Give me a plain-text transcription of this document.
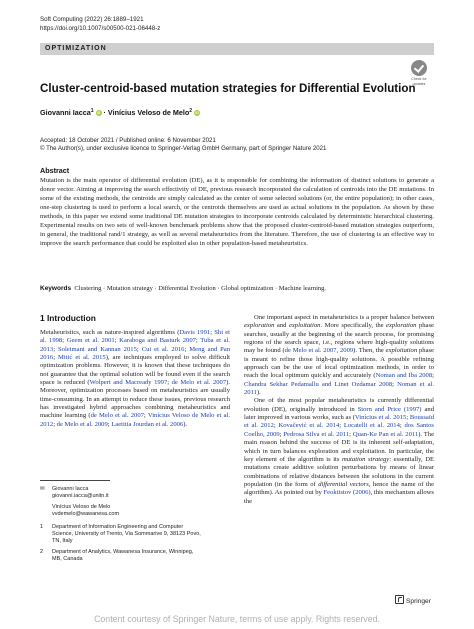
Soft Computing (2022) 26:1889–1921
https://doi.org/10.1007/s00500-021-06448-z
OPTIMIZATION
Check for
updates
Cluster-centroid-based mutation strategies for Differential Evolution
Giovanni Iacca$^1$ iD · Vinícius Veloso de Melo$^2$ iD
Accepted: 18 October 2021 / Published online: 6 November 2021
© The Author(s), under exclusive licence to Springer-Verlag GmbH Germany, part of Springer Nature 2021
Abstract
Mutation is the main operator of differential evolution (DE), as it is responsible for combining the information of distinct solutions to generate a donor vector. Aiming at improving the search effectivity of DE, previous research incorporated the calculation of centroids into the DE mutations. In some of the existing methods, the centroids are simply calculated as the center of some selected solutions (or, the entire population); in other cases, one-step clustering is used to perform a local search, or the centroids themselves are used as actual solutions in the population. As shown by these methods, in this paper we extend some traditional DE mutation strategies to incorporate centroids calculated by deterministic hierarchical clustering. Experimental results on two sets of well-known benchmark problems show that the proposed cluster-centroid-based mutation strategies outperform, in general, the traditional rand/1 strategy, as well as several metaheuristics from the literature. Therefore, the use of clustering is an effective way to improve the search performance that could be exploited also in other population-based metaheuristics.
Keywords Clustering · Mutation strategy · Differential Evolution · Global optimization · Machine learning.
1 Introduction
Metaheuristics, such as nature-inspired algorithms (Davis 1991; Shi et al. 1998; Geem et al. 2001; Karaboga and Basturk 2007; Tuba et al. 2013; Soleimani and Kannan 2015; Cui et al. 2016; Meng and Pan 2016; Mitić et al. 2015), are techniques employed to solve difficult optimization problems. However, it is known that these techniques do not guarantee that the optimal solution will be found even if the search space is reduced (Wolpert and Macready 1997; de Melo et al. 2007). Moreover, optimization processes based on metaheuristics are usually time-consuming. In an attempt to reduce these issues, previous research has investigated hybrid approaches combining metaheuristics and machine learning (de Melo et al. 2007; Vinícius Veloso de Melo et al. 2012; de Melo et al. 2009; Laetitia Jourdan et al. 2006).
✉ Giovanni Iacca
giovanni.iacca@unitn.it
Vinícius Veloso de Melo
vvdemelo@wawanesa.com
1 Department of Information Engineering and Computer
Science, University of Trento, Via Sommarive 9, 38123 Povo,
TN, Italy
2 Department of Analytics, Wawanesa Insurance, Winnipeg,
MB, Canada
One important aspect in metaheuristics is a proper balance between exploration and exploitation. More specifically, the exploration phase searches, usually at the beginning of the search process, for promising regions of the search space, i.e., regions where high-quality solutions may be found (de Melo et al. 2007, 2009). Then, the exploitation phase is meant to refine those high-quality solutions. A possible refining approach can be the use of local optimization methods, in order to reach the local optimum quickly and accurately (Noman and Iba 2008; Chandra Sekhar Pedamallu and Linet Ozdamar 2008; Noman et al. 2011).
One of the most popular metaheuristics is currently differential evolution (DE), originally introduced in Storn and Price (1997) and later improved in various works, such as (Vinícius et al. 2015; Boussaïd et al. 2012; Kovačević et al. 2014; Locatelli et al. 2014; dos Santos Coelho, 2009; Pedrosa Silva et al. 2011; Quan-Ke Pan et al. 2011). The main reason behind the success of DE is its inherent self-adaptation, which in turn balances exploration and exploitation. In particular, the key element of the algorithm is its mutation strategy: essentially, DE mutations create additive solution perturbations by means of linear combinations of relative distances between the solutions in the current population (in the form of differential vectors, hence the name of the algorithm). As pointed out by Feoktistov (2006), this mechanism allows the
Springer
Content courtesy of Springer Nature, terms of use apply. Rights reserved.
